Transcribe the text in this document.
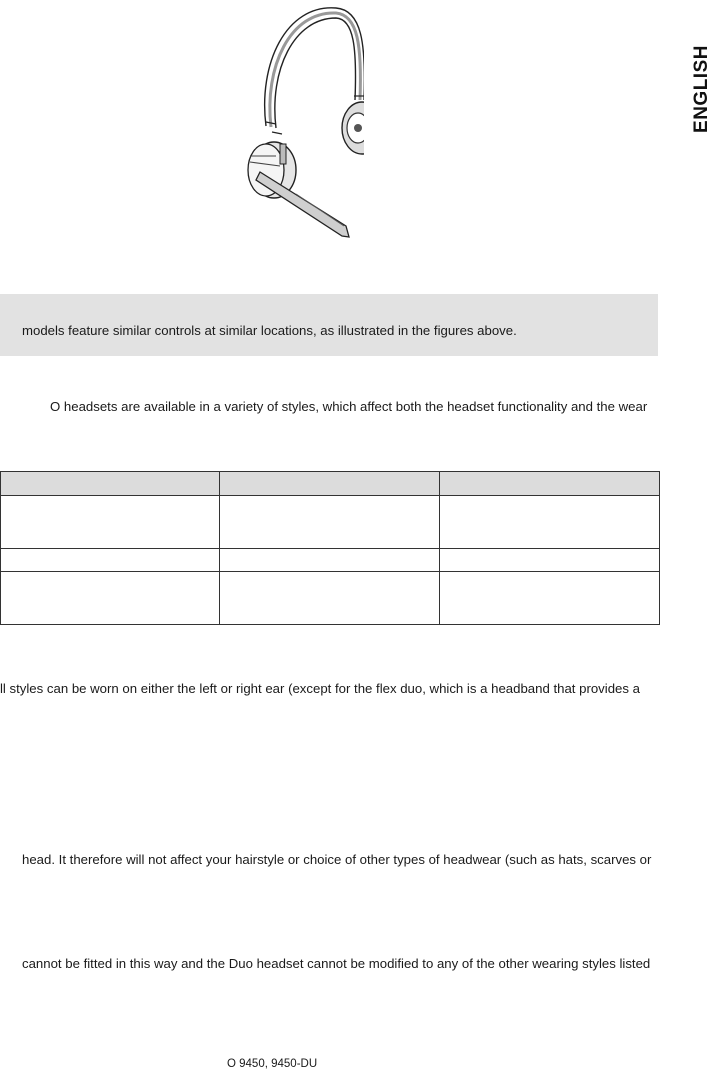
ENGLISH

models feature similar controls at similar locations, as illustrated in the figures above.

O headsets are available in a variety of styles, which affect both the headset functionality and the wear

ll styles can be worn on either the left or right ear (except for the flex duo, which is a headband that provides a
head. It therefore will not affect your hairstyle or choice of other types of headwear (such as hats, scarves or
cannot be fitted in this way and the Duo headset cannot be modified to any of the other wearing styles listed
O 9450, 9450-DU
